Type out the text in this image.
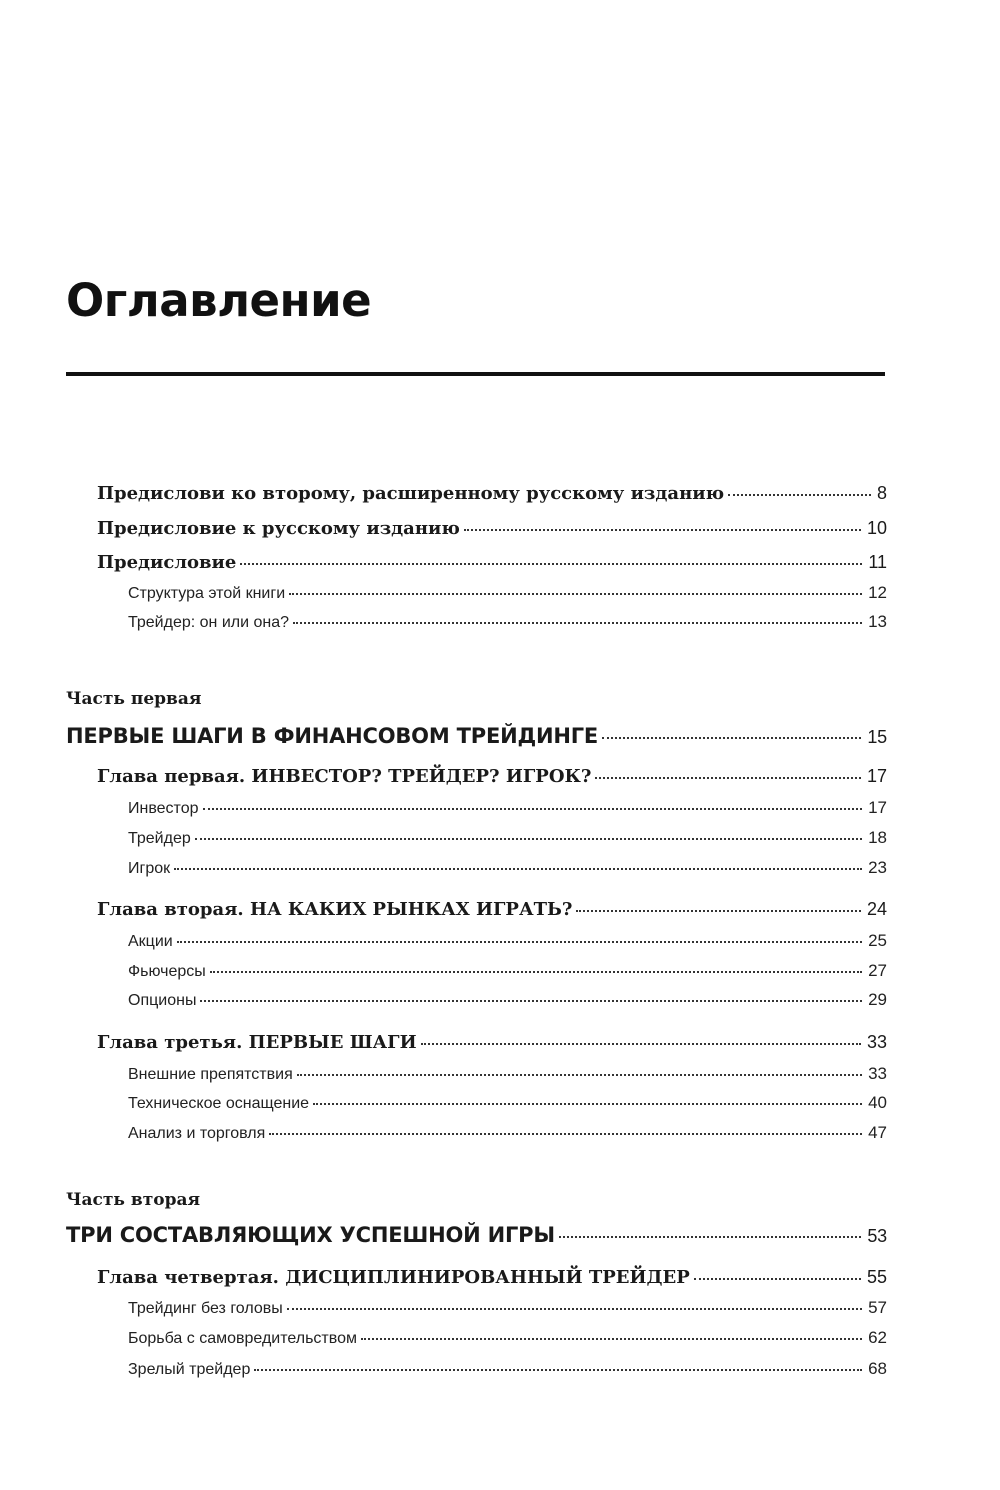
Оглавление
Предислови ко второму, расширенному русскому изданию	8
Предисловие к русскому изданию	10
Предисловие	11
Структура этой книги	12
Трейдер: он или она?	13
Часть первая
ПЕРВЫЕ ШАГИ В ФИНАНСОВОМ ТРЕЙДИНГЕ	15
Глава первая. ИНВЕСТОР? ТРЕЙДЕР? ИГРОК?	17
Инвестор	17
Трейдер	18
Игрок	23
Глава вторая. НА КАКИХ РЫНКАХ ИГРАТЬ?	24
Акции	25
Фьючерсы	27
Опционы	29
Глава третья. ПЕРВЫЕ ШАГИ	33
Внешние препятствия	33
Техническое оснащение	40
Анализ и торговля	47
Часть вторая
ТРИ СОСТАВЛЯЮЩИХ УСПЕШНОЙ ИГРЫ	53
Глава четвертая. ДИСЦИПЛИНИРОВАННЫЙ ТРЕЙДЕР	55
Трейдинг без головы	57
Борьба с самовредительством	62
Зрелый трейдер	68
